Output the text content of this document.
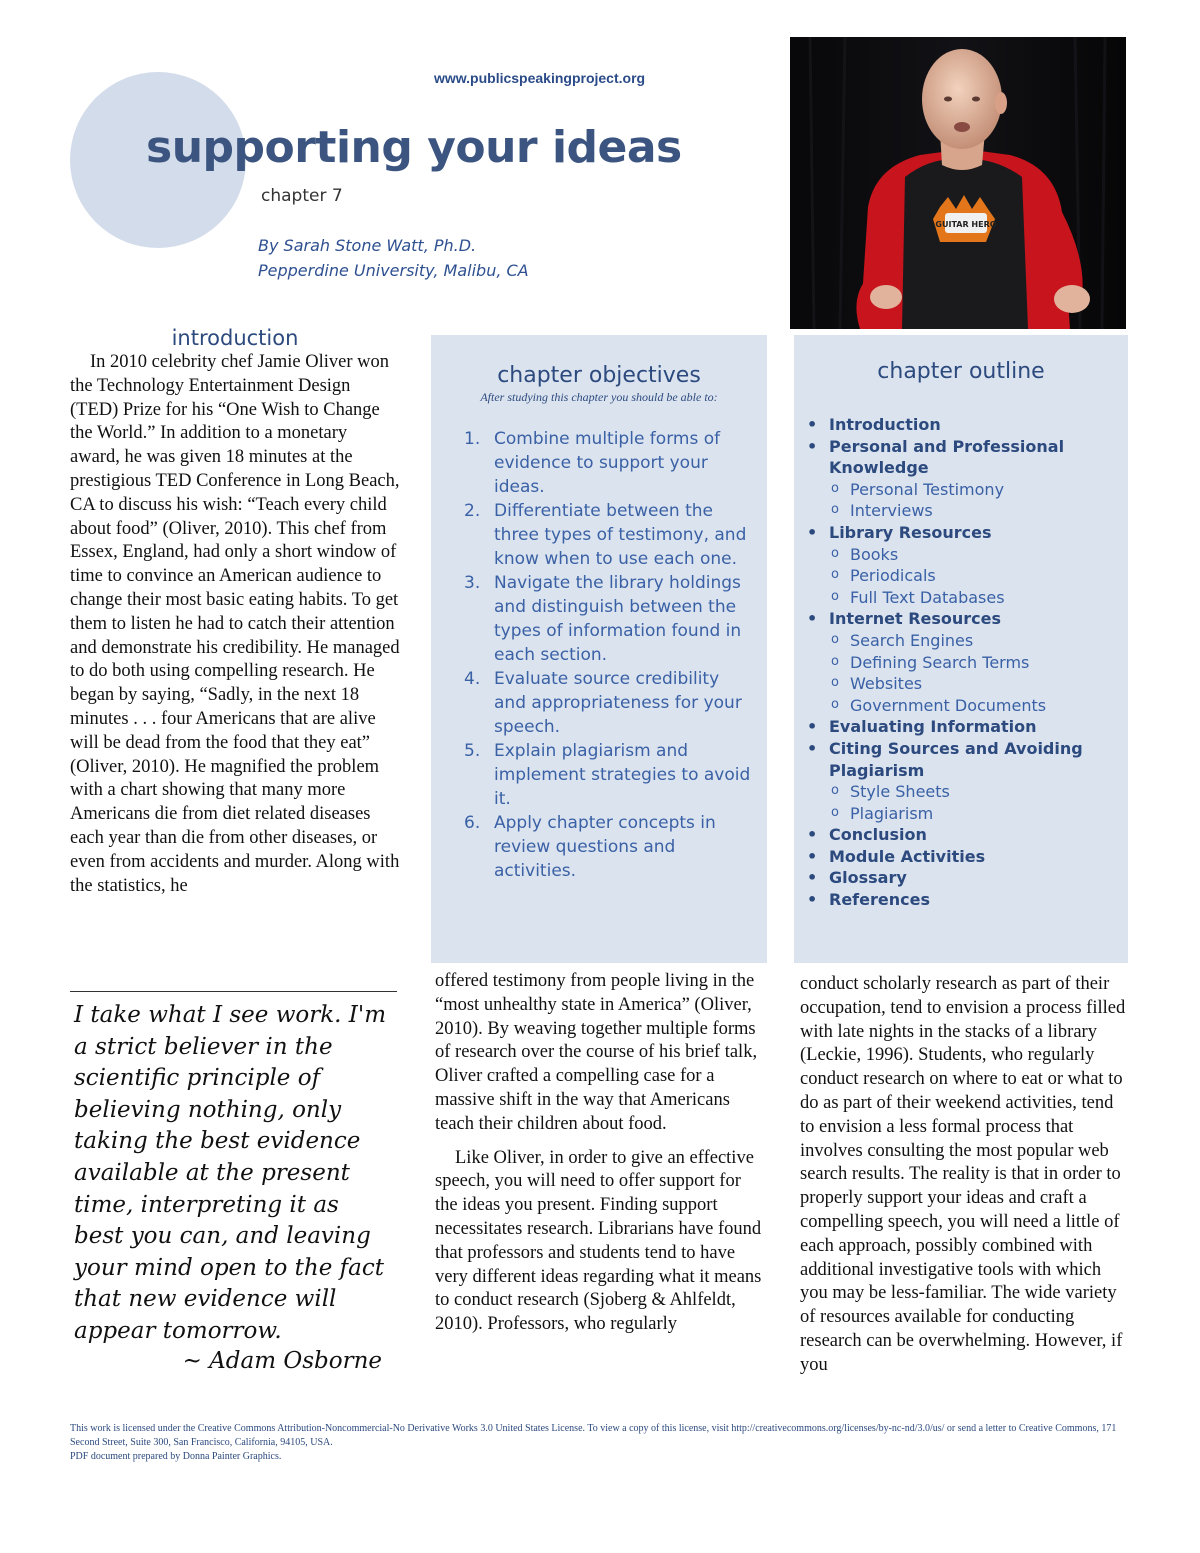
www.publicspeakingproject.org
supporting your ideas
chapter 7
By Sarah Stone Watt, Ph.D.
Pepperdine University, Malibu, CA
GUITAR HERO
introduction
In 2010 celebrity chef Jamie Oliver won the Technology Entertainment Design (TED) Prize for his “One Wish to Change the World.” In addition to a monetary award, he was given 18 minutes at the prestigious TED Conference in Long Beach, CA to discuss his wish: “Teach every child about food” (Oliver, 2010). This chef from Essex, England, had only a short window of time to convince an American audience to change their most basic eating habits. To get them to listen he had to catch their attention and demonstrate his credibility. He managed to do both using compelling research. He began by saying, “Sadly, in the next 18 minutes . . . four Americans that are alive will be dead from the food that they eat” (Oliver, 2010). He magnified the problem with a chart showing that many more Americans die from diet related diseases each year than die from other diseases, or even from accidents and murder. Along with the statistics, he
chapter objectives
After studying this chapter you should be able to:
1. Combine multiple forms of evidence to support your ideas.
2. Differentiate between the three types of testimony, and know when to use each one.
3. Navigate the library holdings and distinguish between the types of information found in each section.
4. Evaluate source credibility and appropriateness for your speech.
5. Explain plagiarism and implement strategies to avoid it.
6. Apply chapter concepts in review questions and activities.
chapter outline
• Introduction
• Personal and Professional Knowledge
o Personal Testimony
o Interviews
• Library Resources
o Books
o Periodicals
o Full Text Databases
• Internet Resources
o Search Engines
o Defining Search Terms
o Websites
o Government Documents
• Evaluating Information
• Citing Sources and Avoiding Plagiarism
o Style Sheets
o Plagiarism
• Conclusion
• Module Activities
• Glossary
• References
I take what I see work. I'm a strict believer in the scientific principle of believing nothing, only taking the best evidence available at the present time, interpreting it as best you can, and leaving your mind open to the fact that new evidence will appear tomorrow.
~ Adam Osborne

offered testimony from people living in the “most unhealthy state in America” (Oliver, 2010). By weaving together multiple forms of research over the course of his brief talk, Oliver crafted a compelling case for a massive shift in the way that Americans teach their children about food.

Like Oliver, in order to give an effective speech, you will need to offer support for the ideas you present. Finding support necessitates research. Librarians have found that professors and students tend to have very different ideas regarding what it means to conduct research (Sjoberg & Ahlfeldt, 2010). Professors, who regularly

conduct scholarly research as part of their occupation, tend to envision a process filled with late nights in the stacks of a library (Leckie, 1996). Students, who regularly conduct research on where to eat or what to do as part of their weekend activities, tend to envision a less formal process that involves consulting the most popular web search results. The reality is that in order to properly support your ideas and craft a compelling speech, you will need a little of each approach, possibly combined with additional investigative tools with which you may be less-familiar. The wide variety of resources available for conducting research can be overwhelming. However, if you
This work is licensed under the Creative Commons Attribution-Noncommercial-No Derivative Works 3.0 United States License. To view a copy of this license, visit http://creativecommons.org/licenses/by-nc-nd/3.0/us/ or send a letter to Creative Commons, 171 Second Street, Suite 300, San Francisco, California, 94105, USA.
PDF document prepared by Donna Painter Graphics.
